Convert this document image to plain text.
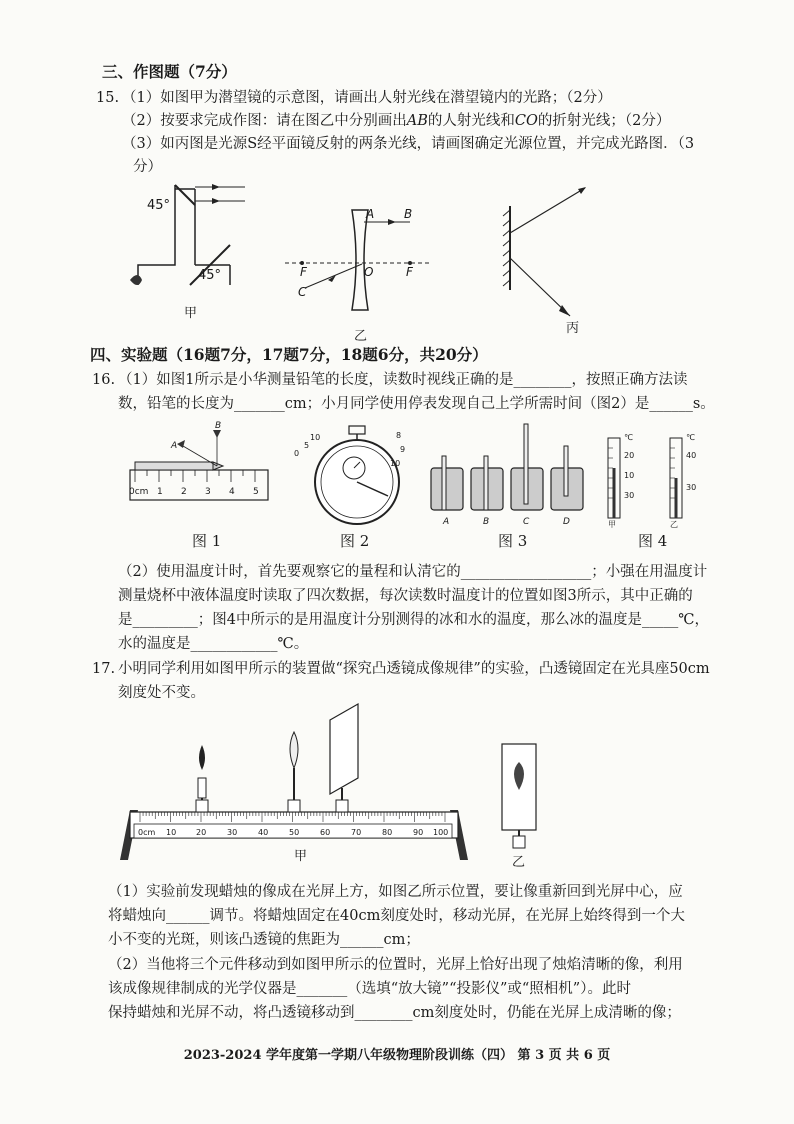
三、作图题（7分）
15. （1）如图甲为潜望镜的示意图，请画出人射光线在潜望镜内的光路；（2分）
（2）按要求完成作图：请在图乙中分别画出AB的人射光线和CO的折射光线；（2分）
（3）如丙图是光源S经平面镜反射的两条光线，请画图确定光源位置，并完成光路图．（3
分）
45°
45°
甲
A B
F	O	F
C
乙
丙
四、实验题（16题7分，17题7分，18题6分，共20分）
16. （1）如图1所示是小华测量铅笔的长度，读数时视线正确的是________，按照正确方法读
数，铅笔的长度为_______cm；小月同学使用停表发现自己上学所需时间（图2）是______s。
A
B
0cm 1 2 3 4 5
图 1
0
5
10	8
9
10
图 2
A	B	C	D
图 3
℃	℃
20
10
30
40
30
甲	乙
图 4
（2）使用温度计时，首先要观察它的量程和认清它的__________________；小强在用温度计
测量烧杯中液体温度时读取了四次数据，每次读数时温度计的位置如图3所示，其中正确的
是_________；图4中所示的是用温度计分别测得的冰和水的温度，那么冰的温度是_____℃，
水的温度是____________℃。
17. 小明同学利用如图甲所示的装置做“探究凸透镜成像规律”的实验，凸透镜固定在光具座50cm
刻度处不变。
0cm 10 20	30	40	50	60	70	80	90 100
甲	乙
（1）实验前发现蜡烛的像成在光屏上方，如图乙所示位置，要让像重新回到光屏中心，应
将蜡烛向______调节。将蜡烛固定在40cm刻度处时，移动光屏，在光屏上始终得到一个大
小不变的光斑，则该凸透镜的焦距为______cm；
（2）当他将三个元件移动到如图甲所示的位置时，光屏上恰好出现了烛焰清晰的像，利用
该成像规律制成的光学仪器是_______（选填“放大镜”“投影仪”或“照相机”）。此时
保持蜡烛和光屏不动，将凸透镜移动到________cm刻度处时，仍能在光屏上成清晰的像；
2023-2024 学年度第一学期八年级物理阶段训练（四） 第 3 页 共 6 页
